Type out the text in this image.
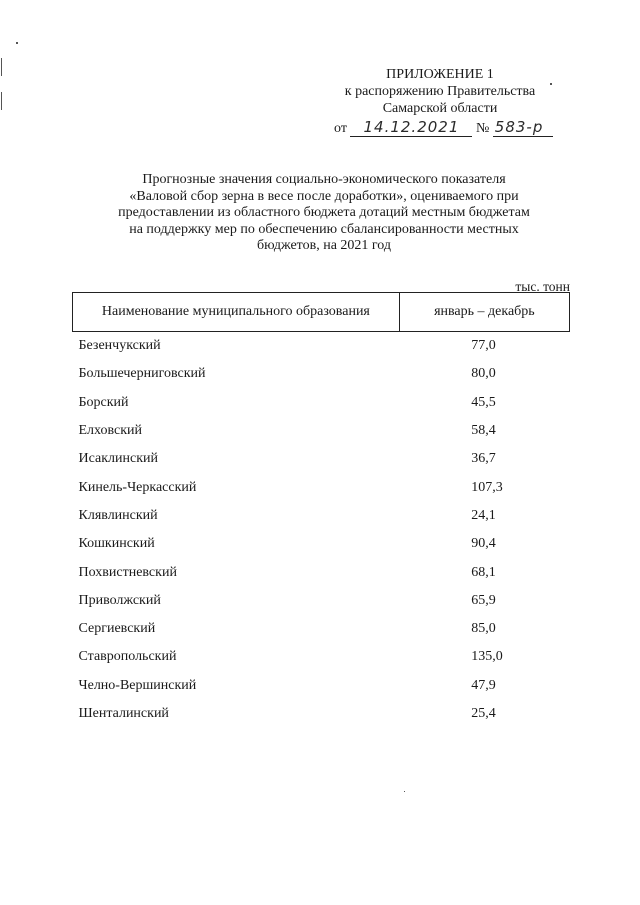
ПРИЛОЖЕНИЕ 1
к распоряжению Правительства
Самарской области
от 14.12.2021 № 583-р
Прогнозные значения социально-экономического показателя
«Валовой сбор зерна в весе после доработки», оцениваемого при
предоставлении из областного бюджета дотаций местным бюджетам
на поддержку мер по обеспечению сбалансированности местных
бюджетов, на 2021 год
тыс. тонн
Наименование муниципального образования	январь – декабрь
Безенчукский	77,0
Большечерниговский	80,0
Борский	45,5
Елховский	58,4
Исаклинский	36,7
Кинель-Черкасский	107,3
Клявлинский	24,1
Кошкинский	90,4
Похвистневский	68,1
Приволжский	65,9
Сергиевский	85,0
Ставропольский	135,0
Челно-Вершинский	47,9
Шенталинский	25,4
